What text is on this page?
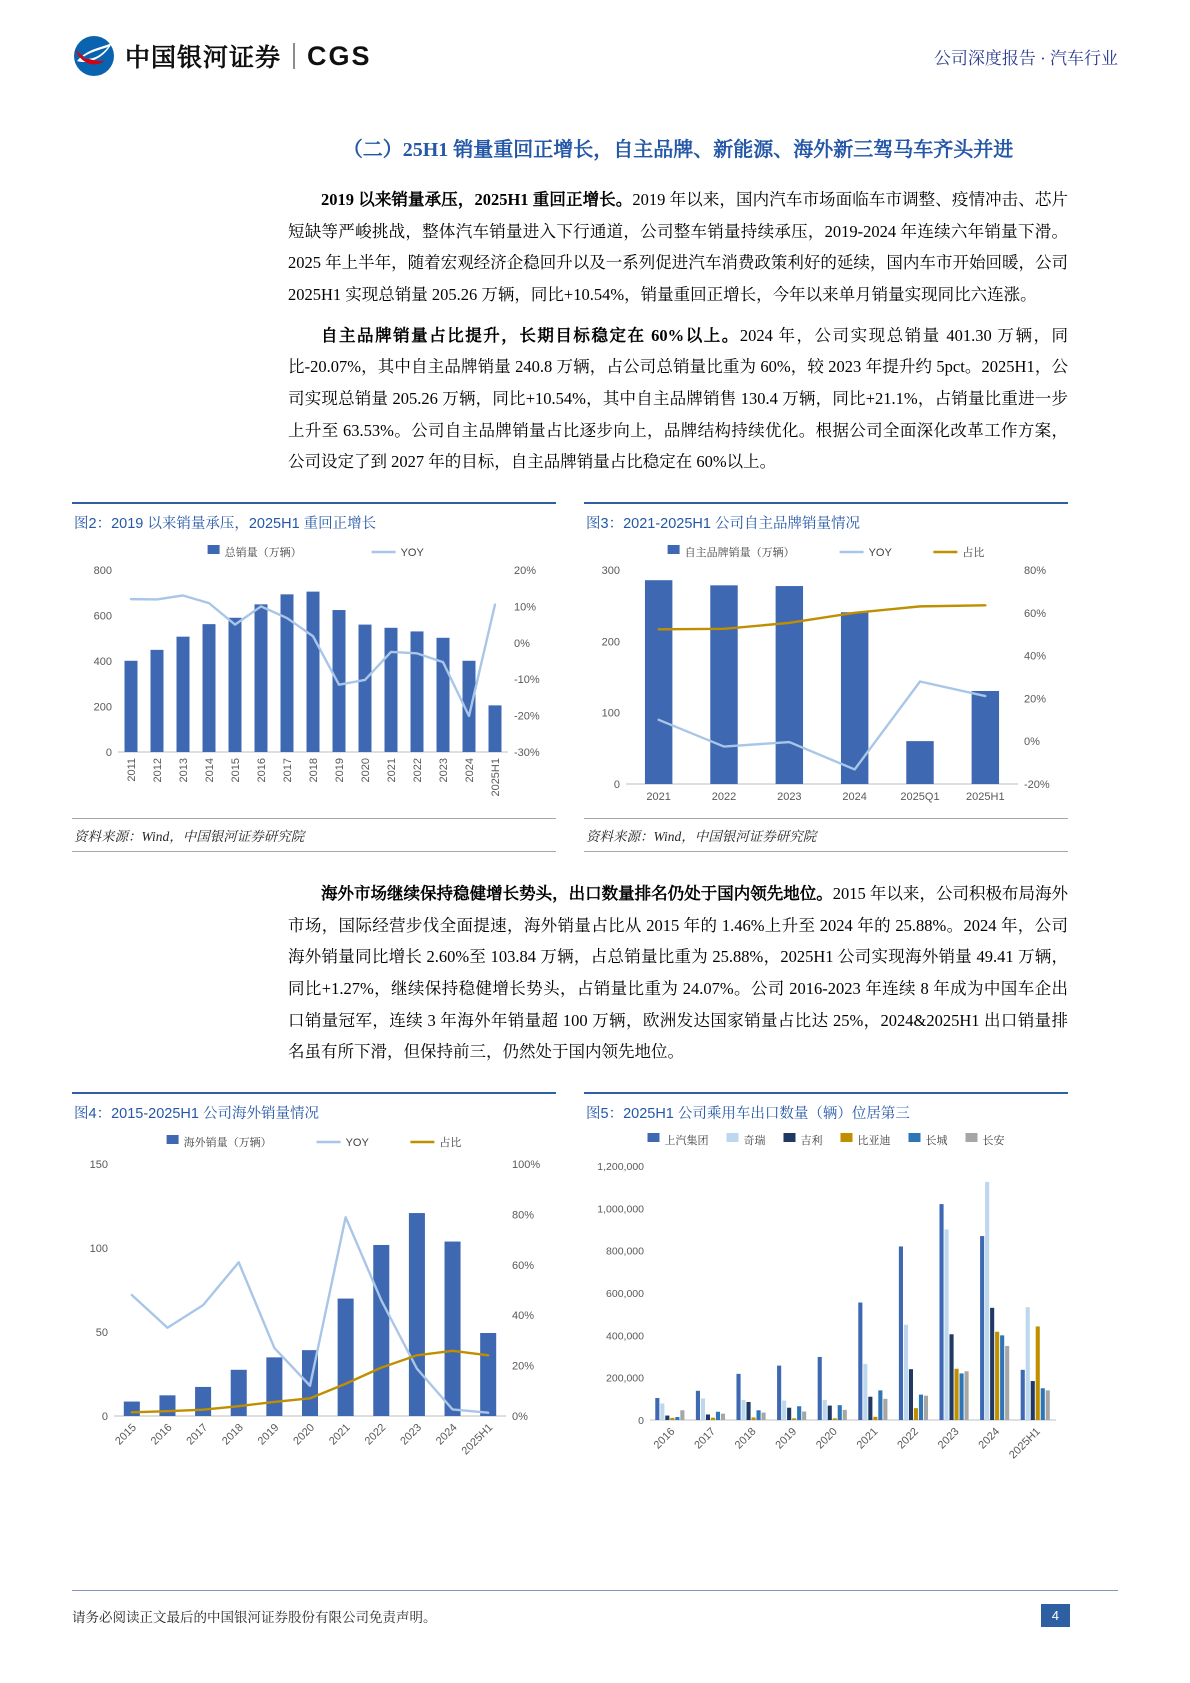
中国银河证券 CGS	公司深度报告 · 汽车行业
（二）25H1 销量重回正增长，自主品牌、新能源、海外新三驾马车齐头并进

2019 以来销量承压，2025H1 重回正增长。2019 年以来，国内汽车市场面临车市调整、疫情冲击、芯片短缺等严峻挑战，整体汽车销量进入下行通道，公司整车销量持续承压，2019-2024 年连续六年销量下滑。2025 年上半年，随着宏观经济企稳回升以及一系列促进汽车消费政策利好的延续，国内车市开始回暖，公司 2025H1 实现总销量 205.26 万辆，同比+10.54%，销量重回正增长，今年以来单月销量实现同比六连涨。

自主品牌销量占比提升，长期目标稳定在 60%以上。2024 年，公司实现总销量 401.30 万辆，同比-20.07%，其中自主品牌销量 240.8 万辆，占公司总销量比重为 60%，较 2023 年提升约 5pct。2025H1，公司实现总销量 205.26 万辆，同比+10.54%，其中自主品牌销售 130.4 万辆，同比+21.1%，占销量比重进一步上升至 63.53%。公司自主品牌销量占比逐步向上，品牌结构持续优化。根据公司全面深化改革工作方案，公司设定了到 2027 年的目标，自主品牌销量占比稳定在 60%以上。

图2：2019 以来销量承压，2025H1 重回正增长
总销量（万辆）	YOY
0
200
400
600
800	20%
10%
0%
-10%
-20%
-30%
2011 2012 2013 2014 2015 2016 2017 2018 2019 2020 2021 2022 2023 2024 2025H1
资料来源：Wind，中国银河证券研究院
图3：2021-2025H1 公司自主品牌销量情况
自主品牌销量（万辆）	YOY	占比
0
100
200
300	80%
60%
40%
20%
0%
-20%
2021	2022	2023	2024	2025Q1 2025H1
资料来源：Wind，中国银河证券研究院

海外市场继续保持稳健增长势头，出口数量排名仍处于国内领先地位。2015 年以来，公司积极布局海外市场，国际经营步伐全面提速，海外销量占比从 2015 年的 1.46%上升至 2024 年的 25.88%。2024 年，公司海外销量同比增长 2.60%至 103.84 万辆，占总销量比重为 25.88%，2025H1 公司实现海外销量 49.41 万辆，同比+1.27%，继续保持稳健增长势头，占销量比重为 24.07%。公司 2016-2023 年连续 8 年成为中国车企出口销量冠军，连续 3 年海外年销量超 100 万辆，欧洲发达国家销量占比达 25%，2024&2025H1 出口销量排名虽有所下滑，但保持前三，仍然处于国内领先地位。

图4：2015-2025H1 公司海外销量情况
海外销量（万辆）	YOY	占比
0
50
100
150	100%
80%
60%
40%
20%
0%
2015 2016 2017 2018 2019 2020 2021 2022 2023 2024 2025H1
图5：2025H1 公司乘用车出口数量（辆）位居第三
上汽集团	奇瑞	吉利	比亚迪	长城	长安
0
200,000
400,000
600,000
800,000
1,000,000
1,200,000
2016 2017 2018 2019 2020 2021 2022 2023 2024 2025H1
请务必阅读正文最后的中国银河证券股份有限公司免责声明。	4
